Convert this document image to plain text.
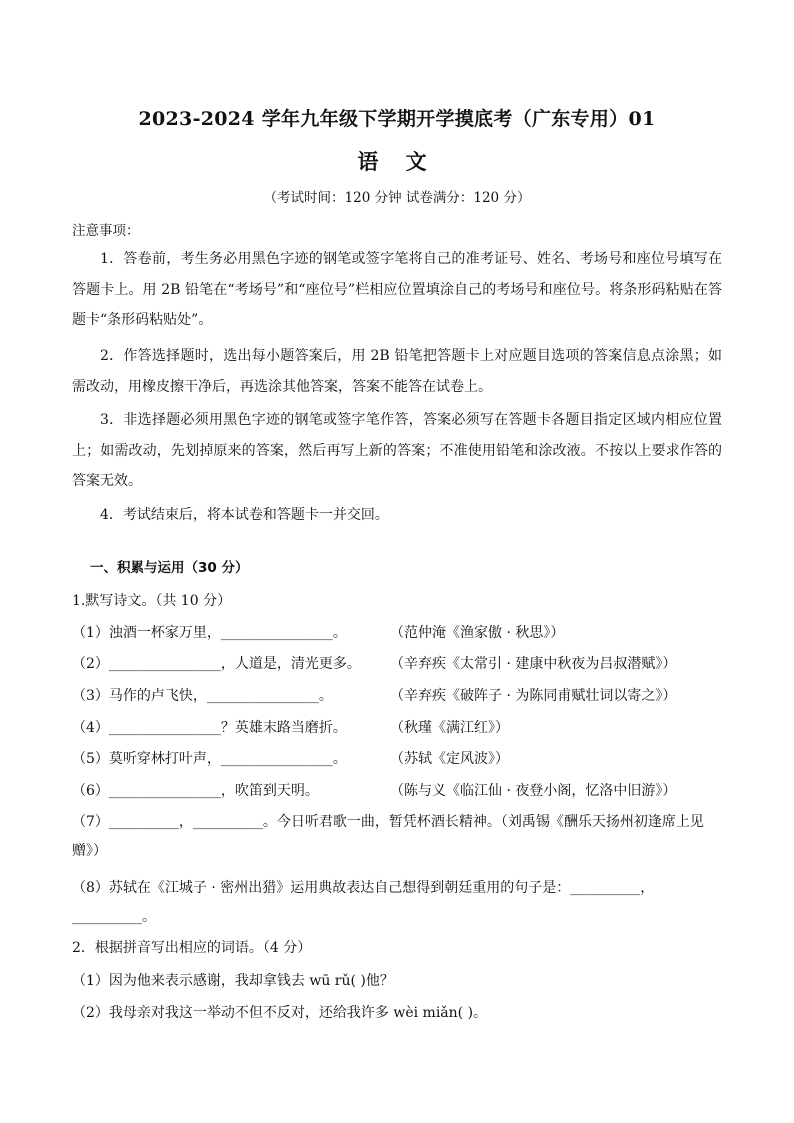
2023-2024 学年九年级下学期开学摸底考（广东专用）01
语 文
（考试时间：120 分钟 试卷满分：120 分）
注意事项：
1．答卷前，考生务必用黑色字迹的钢笔或签字笔将自己的准考证号、姓名、考场号和座位号填写在答题卡上。用 2B 铅笔在“考场号”和“座位号”栏相应位置填涂自己的考场号和座位号。将条形码粘贴在答题卡“条形码粘贴处”。
2．作答选择题时，选出每小题答案后，用 2B 铅笔把答题卡上对应题目选项的答案信息点涂黑；如需改动，用橡皮擦干净后，再选涂其他答案，答案不能答在试卷上。
3．非选择题必须用黑色字迹的钢笔或签字笔作答，答案必须写在答题卡各题目指定区域内相应位置上；如需改动，先划掉原来的答案，然后再写上新的答案；不准使用铅笔和涂改液。不按以上要求作答的答案无效。
4．考试结束后，将本试卷和答题卡一并交回。
一、积累与运用（30 分）
1.默写诗文。（共 10 分）
（1）浊酒一杯家万里，________________。	（范仲淹《渔家傲 · 秋思》）
（2）________________，人道是，清光更多。 （辛弃疾《太常引 · 建康中秋夜为吕叔潜赋》）
（3）马作的卢飞快，________________。	（辛弃疾《破阵子 · 为陈同甫赋壮词以寄之》）
（4）________________？英雄末路当磨折。	（秋瑾《满江红》）
（5）莫听穿林打叶声，________________。	（苏轼《定风波》）
（6）________________，吹笛到天明。	（陈与义《临江仙 · 夜登小阁，忆洛中旧游》）
（7）__________，__________。今日听君歌一曲，暂凭杯酒长精神。（刘禹锡《酬乐天扬州初逢席上见赠》）
（8）苏轼在《江城子 · 密州出猎》运用典故表达自己想得到朝廷重用的句子是：__________，__________。
2．根据拼音写出相应的词语。（4 分）
（1）因为他来表示感谢，我却拿钱去 wū rǔ( )他？
（2）我母亲对我这一举动不但不反对，还给我许多 wèi miǎn( )。
